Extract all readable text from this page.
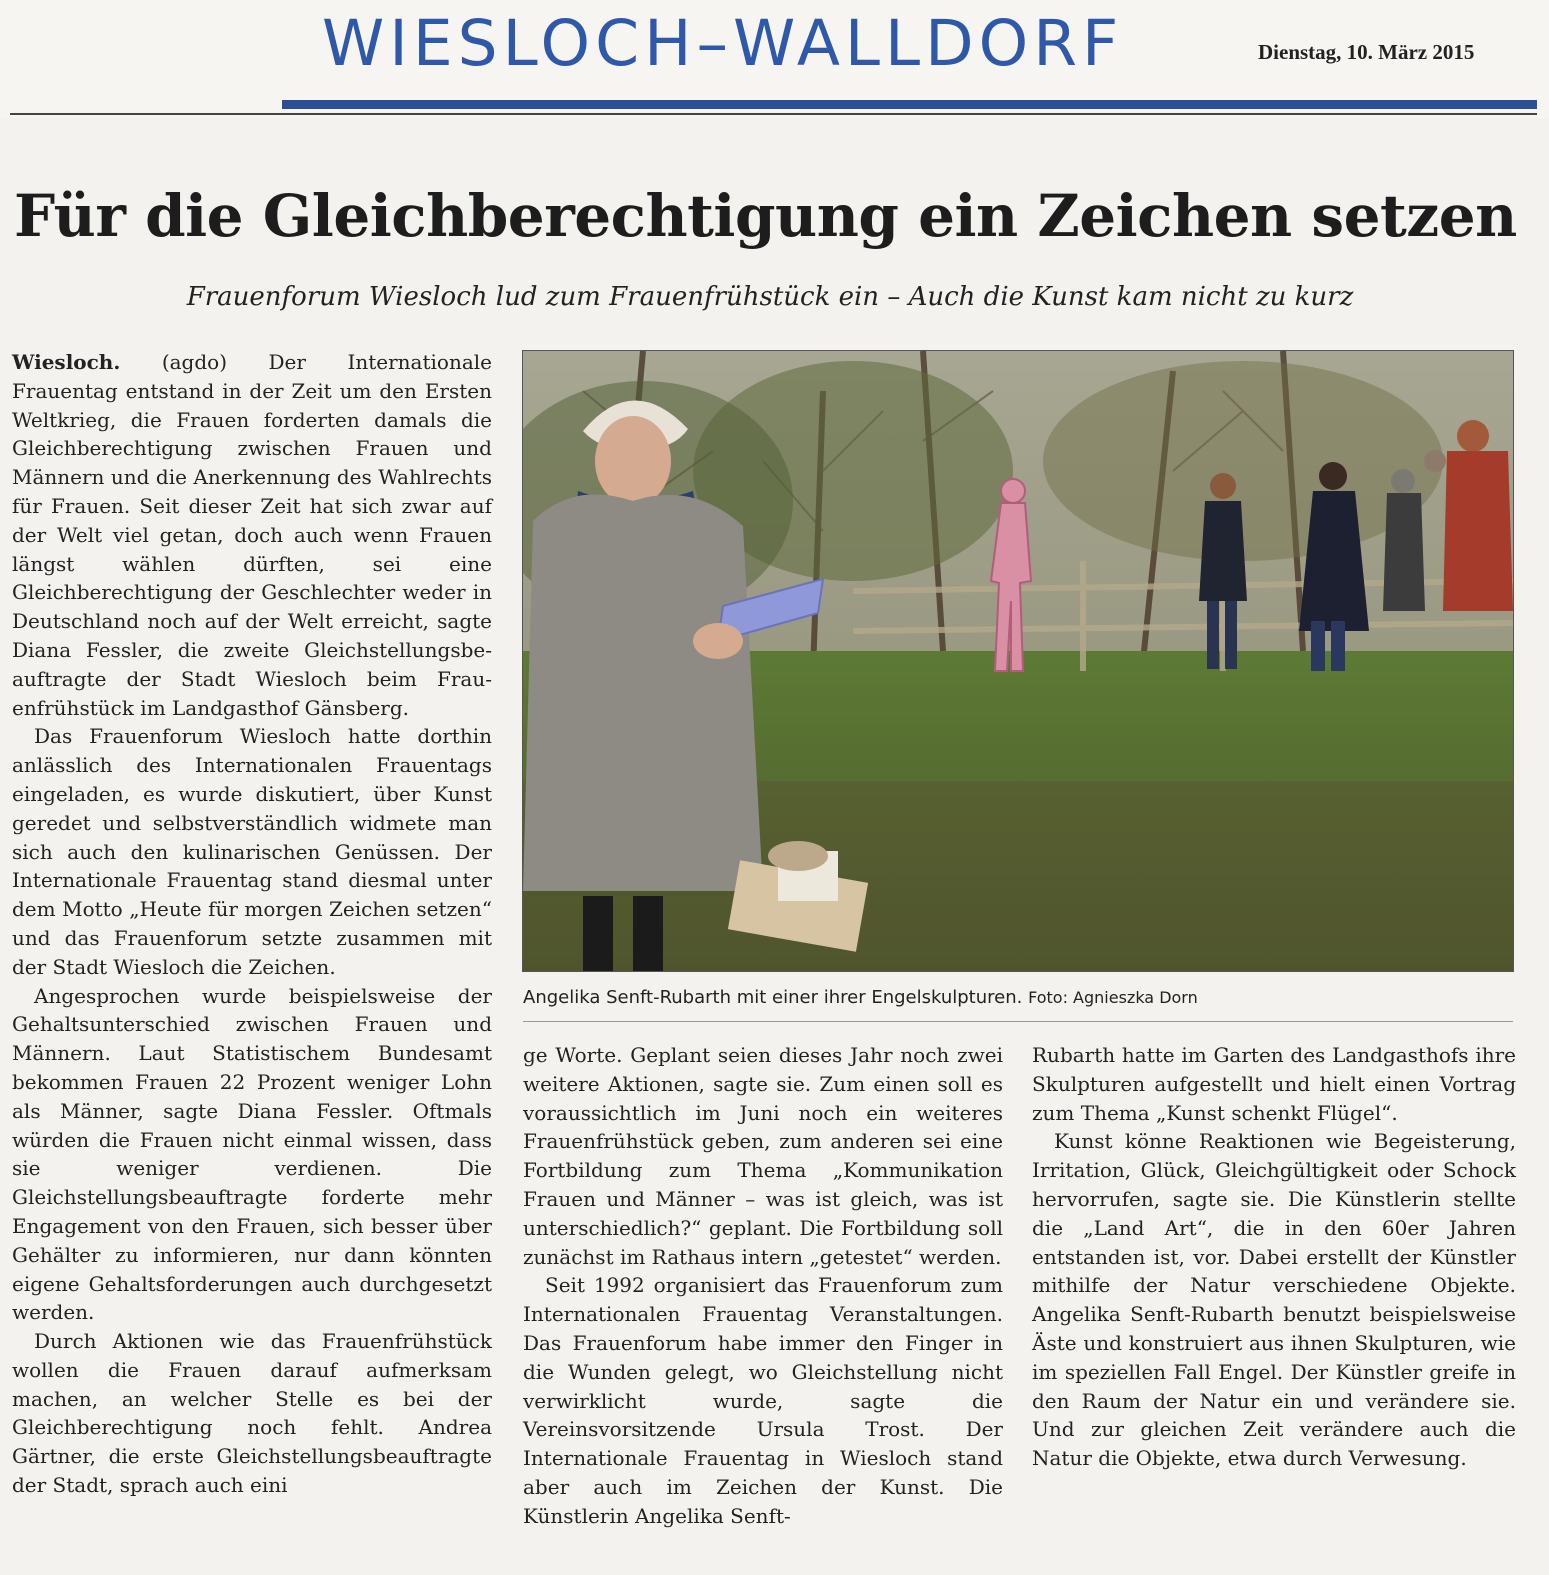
WIESLOCH–WALLDORF	Dienstag, 10. März 2015
Für die Gleichberechtigung ein Zeichen setzen
Frauenforum Wiesloch lud zum Frauenfrühstück ein – Auch die Kunst kam nicht zu kurz

Wiesloch. (agdo) Der Internationale Frauentag entstand in der Zeit um den Ersten Weltkrieg, die Frauen forderten damals die Gleichberechtigung zwischen Frauen und Männern und die Anerkennung des Wahlrechts für Frauen. Seit dieser Zeit hat sich zwar auf der Welt viel getan, doch auch wenn Frauen längst wählen dürften, sei eine Gleichberechtigung der Geschlechter weder in Deutschland noch auf der Welt erreicht, sagte Diana Fessler, die zweite Gleichstellungsbeauftragte der Stadt Wiesloch beim Frauenfrühstück im Landgasthof Gänsberg.

Das Frauenforum Wiesloch hatte dorthin anlässlich des Internationalen Frauentags eingeladen, es wurde diskutiert, über Kunst geredet und selbstverständlich widmete man sich auch den kulinarischen Genüssen. Der Internationale Frauentag stand diesmal unter dem Motto „Heute für morgen Zeichen setzen“ und das Frauenforum setzte zusammen mit der Stadt Wiesloch die Zeichen.

Angesprochen wurde beispielsweise der Gehaltsunterschied zwischen Frauen und Männern. Laut Statistischem Bundesamt bekommen Frauen 22 Prozent weniger Lohn als Männer, sagte Diana Fessler. Oftmals würden die Frauen nicht einmal wissen, dass sie weniger verdienen. Die Gleichstellungsbeauftragte forderte mehr Engagement von den Frauen, sich besser über Gehälter zu informieren, nur dann könnten eigene Gehaltsforderungen auch durchgesetzt werden.

Durch Aktionen wie das Frauenfrühstück wollen die Frauen darauf aufmerksam machen, an welcher Stelle es bei der Gleichberechtigung noch fehlt. Andrea Gärtner, die erste Gleichstellungsbeauftragte der Stadt, sprach auch eini

Angelika Senft-Rubarth mit einer ihrer Engelskulpturen. Foto: Agnieszka Dorn

ge Worte. Geplant seien dieses Jahr noch zwei weitere Aktionen, sagte sie. Zum einen soll es voraussichtlich im Juni noch ein weiteres Frauenfrühstück geben, zum anderen sei eine Fortbildung zum Thema „Kommunikation Frauen und Männer – was ist gleich, was ist unterschiedlich?“ geplant. Die Fortbildung soll zunächst im Rathaus intern „getestet“ werden.

Seit 1992 organisiert das Frauenforum zum Internationalen Frauentag Veranstaltungen. Das Frauenforum habe immer den Finger in die Wunden gelegt, wo Gleichstellung nicht verwirklicht wurde, sagte die Vereinsvorsitzende Ursula Trost. Der Internationale Frauentag in Wiesloch stand aber auch im Zeichen der Kunst. Die Künstlerin Angelika Senft-

Rubarth hatte im Garten des Landgasthofs ihre Skulpturen aufgestellt und hielt einen Vortrag zum Thema „Kunst schenkt Flügel“.

Kunst könne Reaktionen wie Begeisterung, Irritation, Glück, Gleichgültigkeit oder Schock hervorrufen, sagte sie. Die Künstlerin stellte die „Land Art“, die in den 60er Jahren entstanden ist, vor. Dabei erstellt der Künstler mithilfe der Natur verschiedene Objekte. Angelika Senft-Rubarth benutzt beispielsweise Äste und konstruiert aus ihnen Skulpturen, wie im speziellen Fall Engel. Der Künstler greife in den Raum der Natur ein und verändere sie. Und zur gleichen Zeit verändere auch die Natur die Objekte, etwa durch Verwesung.
